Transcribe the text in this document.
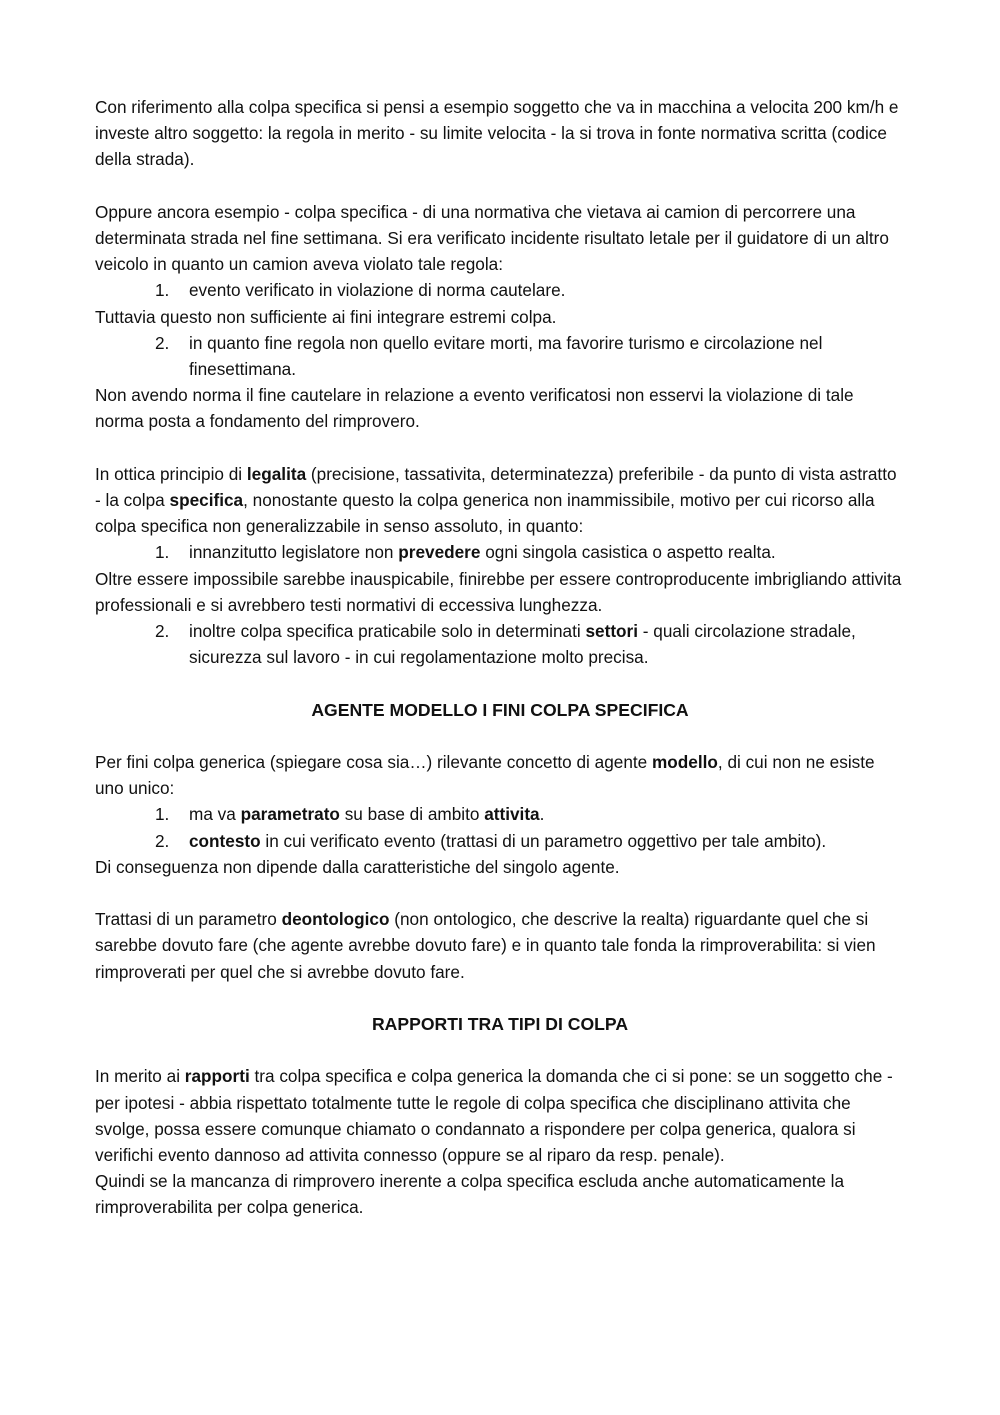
Con riferimento alla colpa specifica si pensi a esempio soggetto che va in macchina a velocita 200 km/h e investe altro soggetto: la regola in merito - su limite velocita - la si trova in fonte normativa scritta (codice della strada).

Oppure ancora esempio - colpa specifica - di una normativa che vietava ai camion di percorrere una determinata strada nel fine settimana. Si era verificato incidente risultato letale per il guidatore di un altro veicolo in quanto un camion aveva violato tale regola:

1. evento verificato in violazione di norma cautelare.

Tuttavia questo non sufficiente ai fini integrare estremi colpa.

2. in quanto fine regola non quello evitare morti, ma favorire turismo e circolazione nel finesettimana.

Non avendo norma il fine cautelare in relazione a evento verificatosi non esservi la violazione di tale norma posta a fondamento del rimprovero.

In ottica principio di legalita (precisione, tassativita, determinatezza) preferibile - da punto di vista astratto - la colpa specifica, nonostante questo la colpa generica non inammissibile, motivo per cui ricorso alla colpa specifica non generalizzabile in senso assoluto, in quanto:

1. innanzitutto legislatore non prevedere ogni singola casistica o aspetto realta.

Oltre essere impossibile sarebbe inauspicabile, finirebbe per essere controproducente imbrigliando attivita professionali e si avrebbero testi normativi di eccessiva lunghezza.

2. inoltre colpa specifica praticabile solo in determinati settori - quali circolazione stradale, sicurezza sul lavoro - in cui regolamentazione molto precisa.

AGENTE MODELLO I FINI COLPA SPECIFICA

Per fini colpa generica (spiegare cosa sia…) rilevante concetto di agente modello, di cui non ne esiste uno unico:

1. ma va parametrato su base di ambito attivita.

2. contesto in cui verificato evento (trattasi di un parametro oggettivo per tale ambito).

Di conseguenza non dipende dalla caratteristiche del singolo agente.

Trattasi di un parametro deontologico (non ontologico, che descrive la realta) riguardante quel che si sarebbe dovuto fare (che agente avrebbe dovuto fare) e in quanto tale fonda la rimproverabilita: si vien rimproverati per quel che si avrebbe dovuto fare.

RAPPORTI TRA TIPI DI COLPA

In merito ai rapporti tra colpa specifica e colpa generica la domanda che ci si pone: se un soggetto che - per ipotesi - abbia rispettato totalmente tutte le regole di colpa specifica che disciplinano attivita che svolge, possa essere comunque chiamato o condannato a rispondere per colpa generica, qualora si verifichi evento dannoso ad attivita connesso (oppure se al riparo da resp. penale).

Quindi se la mancanza di rimprovero inerente a colpa specifica escluda anche automaticamente la rimproverabilita per colpa generica.
